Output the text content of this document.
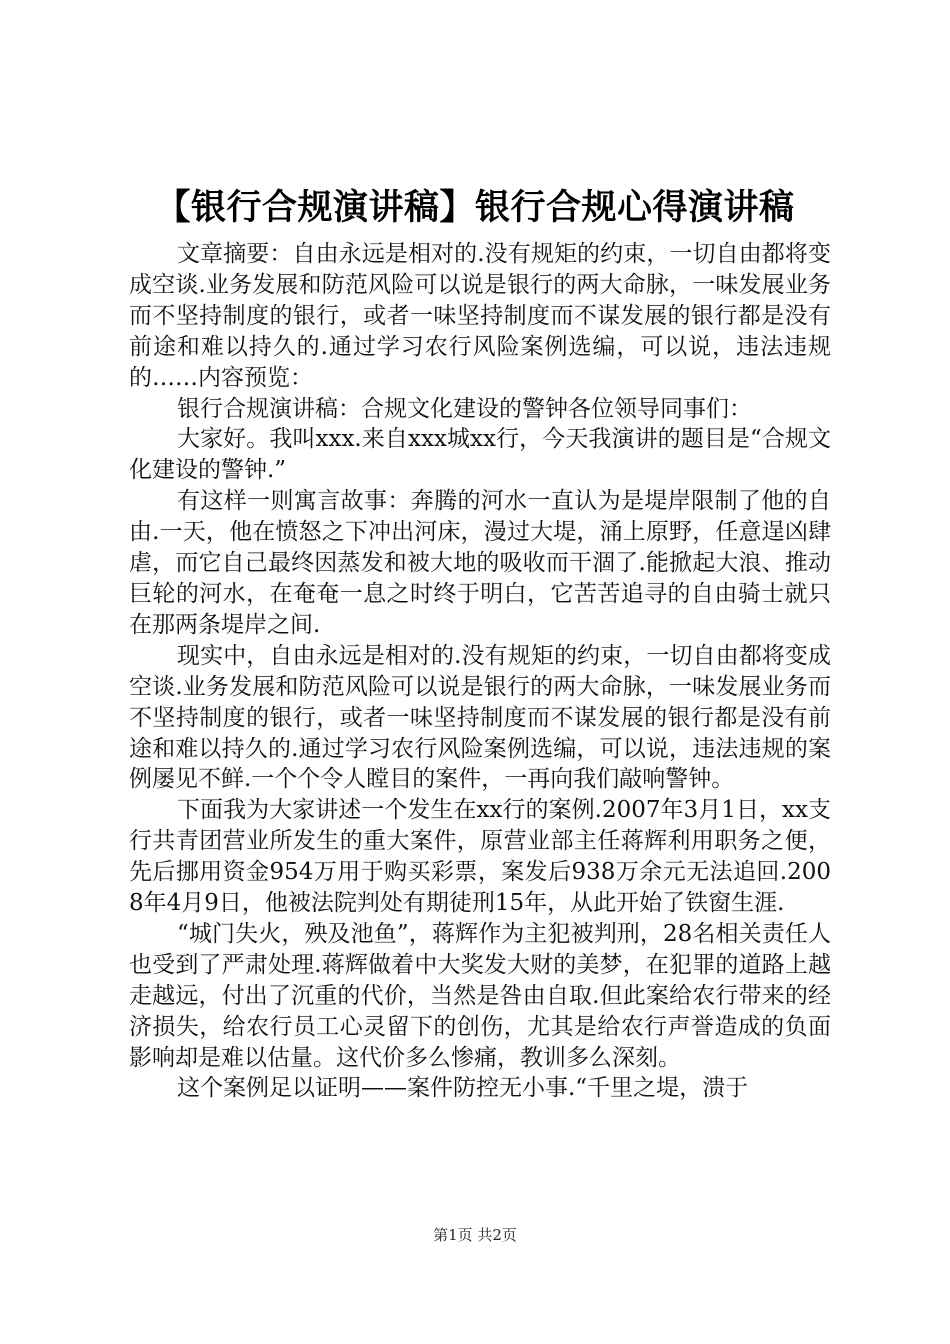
【银行合规演讲稿】银行合规心得演讲稿

文章摘要：自由永远是相对的.没有规矩的约束，一切自由都将变成空谈.业务发展和防范风险可以说是银行的两大命脉，一味发展业务而不坚持制度的银行，或者一味坚持制度而不谋发展的银行都是没有前途和难以持久的.通过学习农行风险案例选编，可以说，违法违规的……内容预览：

银行合规演讲稿：合规文化建设的警钟各位领导同事们：

大家好。我叫xxx.来自xxx城xx行，今天我演讲的题目是“合规文化建设的警钟.”

有这样一则寓言故事：奔腾的河水一直认为是堤岸限制了他的自由.一天，他在愤怒之下冲出河床，漫过大堤，涌上原野，任意逞凶肆虐，而它自己最终因蒸发和被大地的吸收而干涸了.能掀起大浪、推动巨轮的河水，在奄奄一息之时终于明白，它苦苦追寻的自由骑士就只在那两条堤岸之间.

现实中，自由永远是相对的.没有规矩的约束，一切自由都将变成空谈.业务发展和防范风险可以说是银行的两大命脉，一味发展业务而不坚持制度的银行，或者一味坚持制度而不谋发展的银行都是没有前途和难以持久的.通过学习农行风险案例选编，可以说，违法违规的案例屡见不鲜.一个个令人瞠目的案件，一再向我们敲响警钟。

下面我为大家讲述一个发生在xx行的案例.2007年3月1日，xx支行共青团营业所发生的重大案件，原营业部主任蒋辉利用职务之便，先后挪用资金954万用于购买彩票，案发后938万余元无法追回.2008年4月9日，他被法院判处有期徒刑15年，从此开始了铁窗生涯.

“城门失火，殃及池鱼”，蒋辉作为主犯被判刑，28名相关责任人也受到了严肃处理.蒋辉做着中大奖发大财的美梦，在犯罪的道路上越走越远，付出了沉重的代价，当然是咎由自取.但此案给农行带来的经济损失，给农行员工心灵留下的创伤，尤其是给农行声誉造成的负面影响却是难以估量。这代价多么惨痛，教训多么深刻。

这个案例足以证明——案件防控无小事.“千里之堤，溃于

第1页 共2页
